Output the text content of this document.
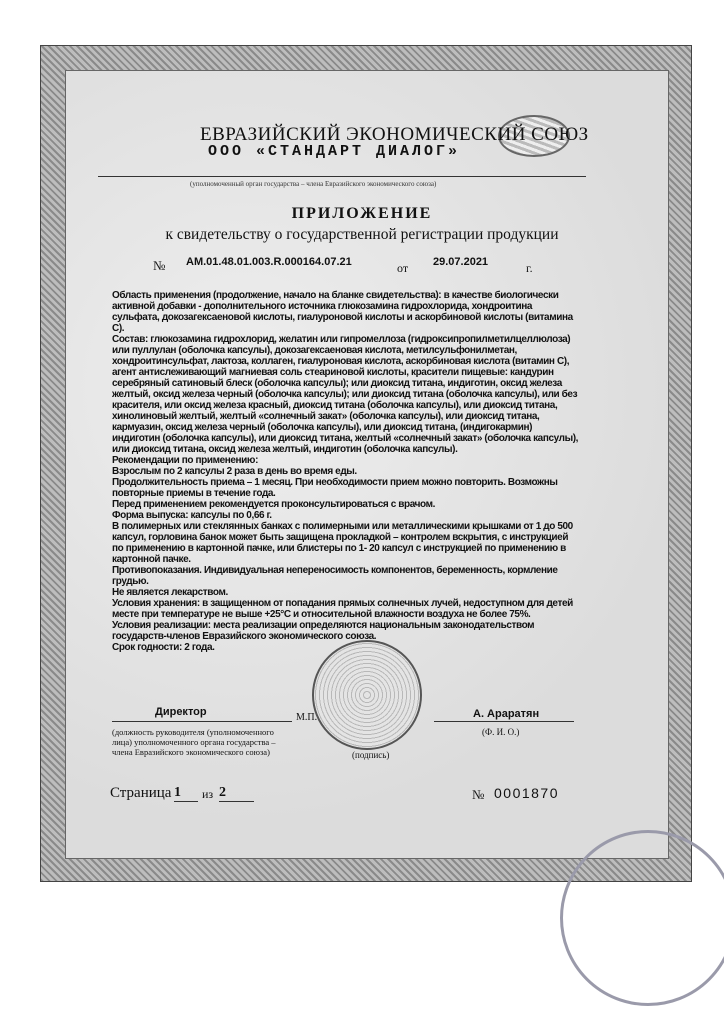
ЕВРАЗИЙСКИЙ ЭКОНОМИЧЕСКИЙ СОЮЗ
ООО «СТАНДАРТ ДИАЛОГ»
(уполномоченный орган государства – члена Евразийского экономического союза)
ПРИЛОЖЕНИЕ
к свидетельству о государственной регистрации продукции
№ AM.01.48.01.003.R.000164.07.21	от 29.07.2021	г.

Область применения (продолжение, начало на бланке свидетельства): в качестве биологически активной добавки - дополнительного источника глюкозамина гидрохлорида, хондроитина сульфата, докозагексаеновой кислоты, гиалуроновой кислоты и аскорбиновой кислоты (витамина С).

Состав: глюкозамина гидрохлорид, желатин или гипромеллоза (гидроксипропилметилцеллюлоза) или пуллулан (оболочка капсулы), докозагексаеновая кислота, метилсульфонилметан, хондроитинсульфат, лактоза, коллаген, гиалуроновая кислота, аскорбиновая кислота (витамин С), агент антислеживающий магниевая соль стеариновой кислоты, красители пищевые: кандурин серебряный сатиновый блеск (оболочка капсулы); или диоксид титана, индиготин, оксид железа желтый, оксид железа черный (оболочка капсулы); или диоксид титана (оболочка капсулы), или без красителя, или оксид железа красный, диоксид титана (оболочка капсулы), или диоксид титана, хинолиновый желтый, желтый «солнечный закат» (оболочка капсулы), или диоксид титана, кармуазин, оксид железа черный (оболочка капсулы), или диоксид титана, (индигокармин) индиготин (оболочка капсулы), или диоксид титана, желтый «солнечный закат» (оболочка капсулы), или диоксид титана, оксид железа желтый, индиготин (оболочка капсулы).

Рекомендации по применению:

Взрослым по 2 капсулы 2 раза в день во время еды.

Продолжительность приема – 1 месяц. При необходимости прием можно повторить. Возможны повторные приемы в течение года.

Перед применением рекомендуется проконсультироваться с врачом.

Форма выпуска: капсулы по 0,66 г.

В полимерных или стеклянных банках с полимерными или металлическими крышками от 1 до 500 капсул, горловина банок может быть защищена прокладкой – контролем вскрытия, с инструкцией по применению в картонной пачке, или блистеры по 1- 20 капсул с инструкцией по применению в картонной пачке.

Противопоказания. Индивидуальная непереносимость компонентов, беременность, кормление грудью.

Не является лекарством.

Условия хранения: в защищенном от попадания прямых солнечных лучей, недоступном для детей месте при температуре не выше +25°С и относительной влажности воздуха не более 75%.

Условия реализации: места реализации определяются национальным законодательством государств-членов Евразийского экономического союза.

Срок годности: 2 года.

Директор	М.П.
(подпись)
А. Араратян
(Ф. И. О.)
(должность руководителя (уполномоченного лица) уполномоченного органа государства – члена Евразийского экономического союза)
Страница 1	из 2	№ 0001870
